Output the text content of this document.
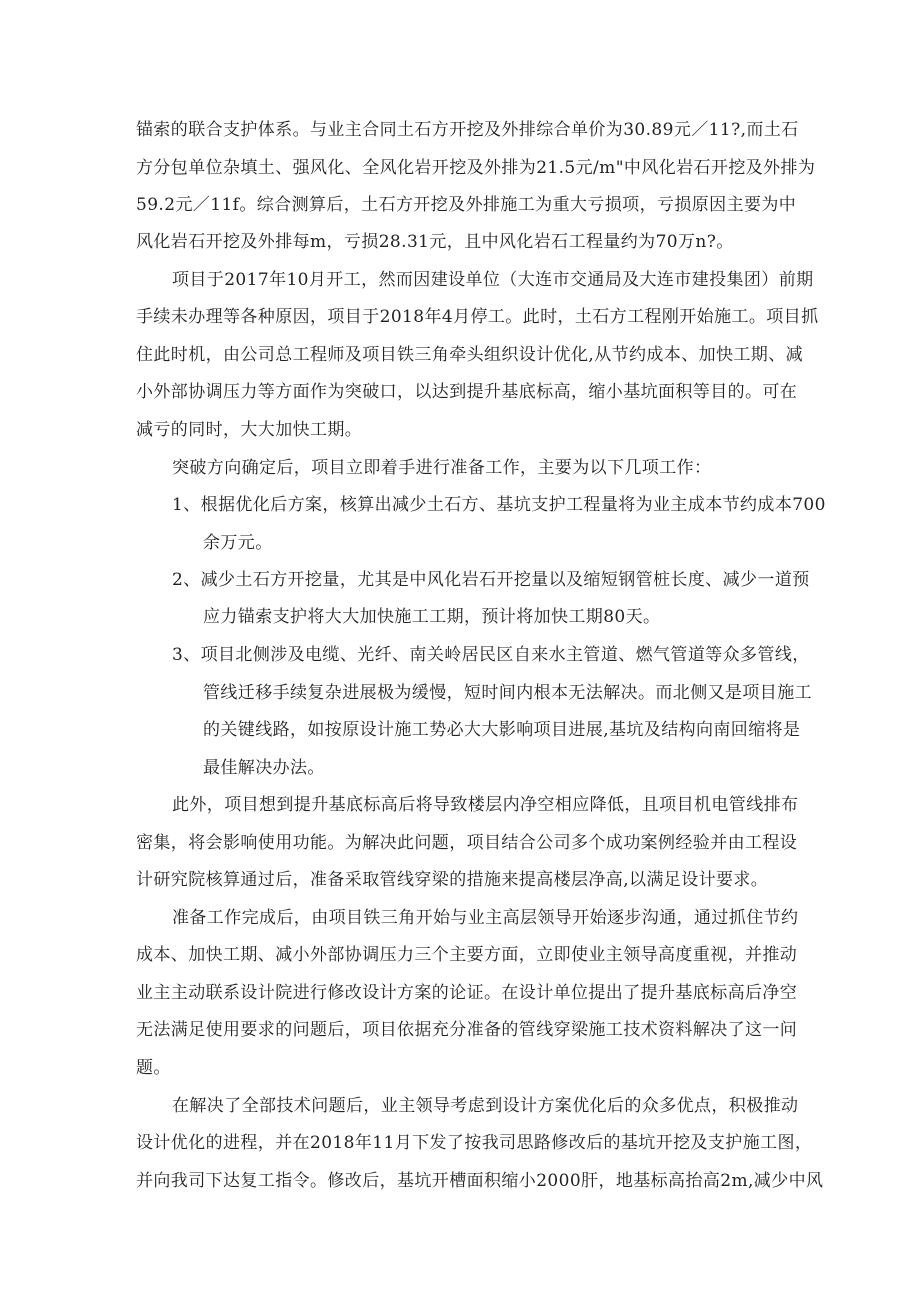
锚索的联合支护体系。与业主合同土石方开挖及外排综合单价为30.89元／11?,而土石
方分包单位杂填土、强风化、全风化岩开挖及外排为21.5元/m"中风化岩石开挖及外排为
59.2元／11f。综合测算后，土石方开挖及外排施工为重大亏损项，亏损原因主要为中
风化岩石开挖及外排每m，亏损28.31元，且中风化岩石工程量约为70万n?。
项目于2017年10月开工，然而因建设单位（大连市交通局及大连市建投集团）前期
手续未办理等各种原因，项目于2018年4月停工。此时，土石方工程刚开始施工。项目抓
住此时机，由公司总工程师及项目铁三角牵头组织设计优化,从节约成本、加快工期、减
小外部协调压力等方面作为突破口，以达到提升基底标高，缩小基坑面积等目的。可在
减亏的同时，大大加快工期。
突破方向确定后，项目立即着手进行准备工作，主要为以下几项工作：
1、根据优化后方案，核算出减少土石方、基坑支护工程量将为业主成本节约成本700
余万元。
2、减少土石方开挖量，尤其是中风化岩石开挖量以及缩短钢管桩长度、减少一道预
应力锚索支护将大大加快施工工期，预计将加快工期80天。
3、项目北侧涉及电缆、光纤、南关岭居民区自来水主管道、燃气管道等众多管线，
管线迁移手续复杂进展极为缓慢，短时间内根本无法解决。而北侧又是项目施工
的关键线路，如按原设计施工势必大大影响项目进展,基坑及结构向南回缩将是
最佳解决办法。
此外，项目想到提升基底标高后将导致楼层内净空相应降低，且项目机电管线排布
密集，将会影响使用功能。为解决此问题，项目结合公司多个成功案例经验并由工程设
计研究院核算通过后，准备采取管线穿梁的措施来提高楼层净高,以满足设计要求。
准备工作完成后，由项目铁三角开始与业主高层领导开始逐步沟通，通过抓住节约
成本、加快工期、减小外部协调压力三个主要方面，立即使业主领导高度重视，并推动
业主主动联系设计院进行修改设计方案的论证。在设计单位提出了提升基底标高后净空
无法满足使用要求的问题后，项目依据充分准备的管线穿梁施工技术资料解决了这一问
题。
在解决了全部技术问题后，业主领导考虑到设计方案优化后的众多优点，积极推动
设计优化的进程，并在2018年11月下发了按我司思路修改后的基坑开挖及支护施工图，
并向我司下达复工指令。修改后，基坑开槽面积缩小2000肝，地基标高抬高2m,减少中风
